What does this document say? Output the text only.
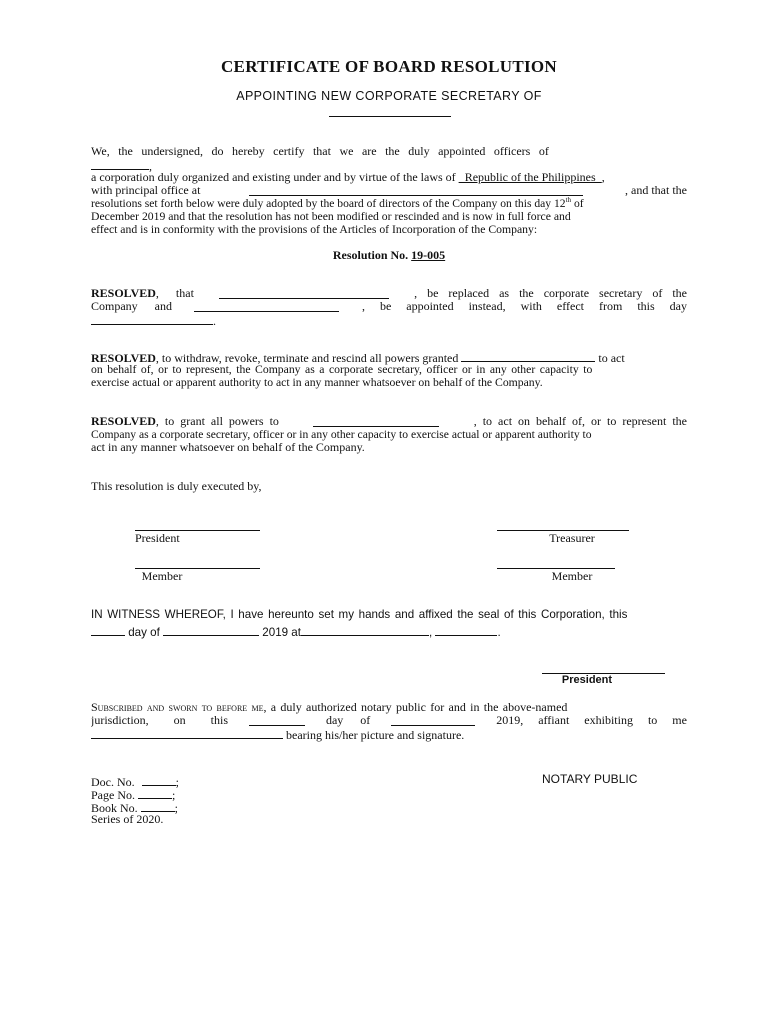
CERTIFICATE OF BOARD RESOLUTION
APPOINTING NEW CORPORATE SECRETARY OF
We, the undersigned, do hereby certify that we are the duly appointed officers of
,
a corporation duly organized and existing under and by virtue of the laws of _Republic of the Philippines_,
with principal office at	, and that the
resolutions set forth below were duly adopted by the board of directors of the Company on this day 12th of
December 2019 and that the resolution has not been modified or rescinded and is now in full force and
effect and is in conformity with the provisions of the Articles of Incorporation of the Company:
Resolution No. 19-005
RESOLVED, that	, be replaced as the corporate secretary of the
Company and	, be appointed instead, with effect from this day
.
RESOLVED, to withdraw, revoke, terminate and rescind all powers granted	to act
on behalf of, or to represent, the Company as a corporate secretary, officer or in any other capacity to
exercise actual or apparent authority to act in any manner whatsoever on behalf of the Company.
RESOLVED, to grant all powers to	, to act on behalf of, or to represent the
Company as a corporate secretary, officer or in any other capacity to exercise actual or apparent authority to
act in any manner whatsoever on behalf of the Company.
This resolution is duly executed by,
President	Treasurer
Member	Member
IN WITNESS WHEREOF, I have hereunto set my hands and affixed the seal of this Corporation, this
day of	2019 at	,	.
President
Subscribed and sworn to before me, a duly authorized notary public for and in the above-named
jurisdiction, on this	day of	2019, affiant exhibiting to me
bearing his/her picture and signature.
Doc. No.	;
Page No.	;
Book No.	;
Series of 2020.
NOTARY PUBLIC
